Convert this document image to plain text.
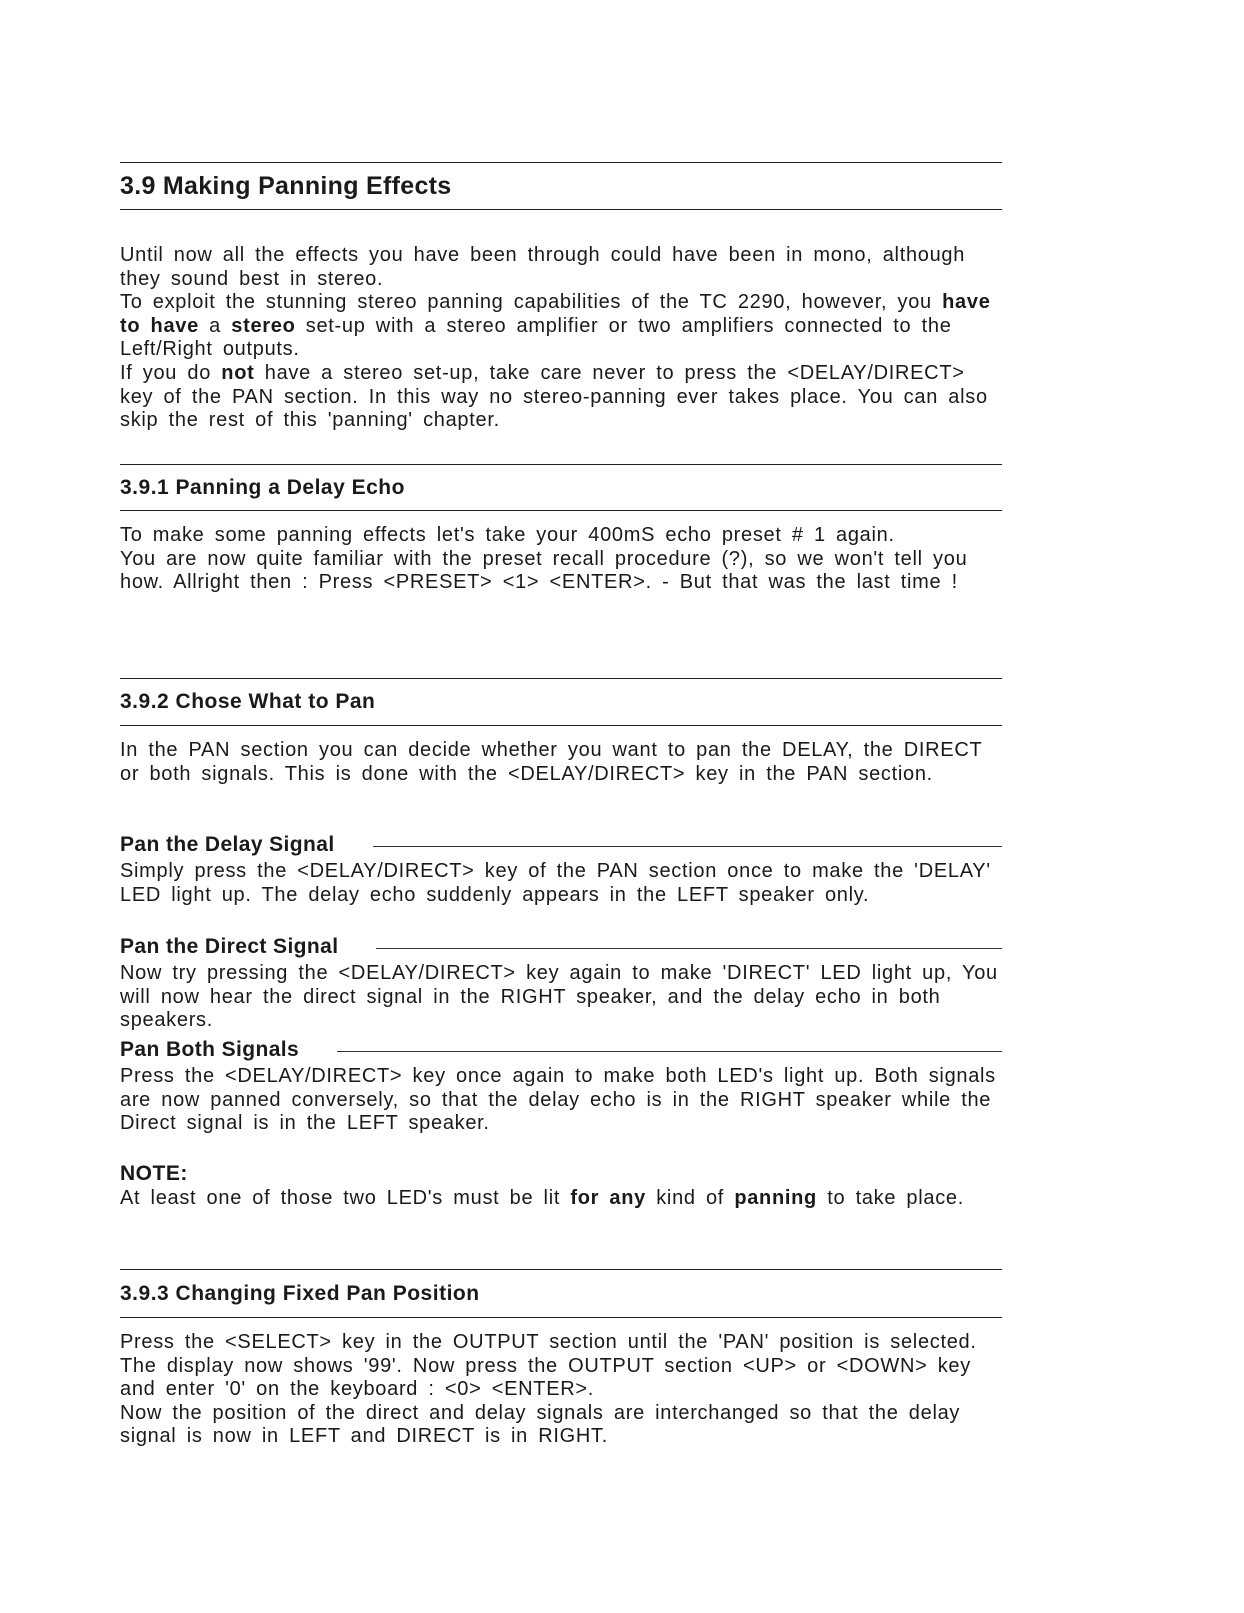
3.9 Making Panning Effects

Until now all the effects you have been through could have been in mono, although they sound best in stereo.

To exploit the stunning stereo panning capabilities of the TC 2290, however, you have to have a stereo set-up with a stereo amplifier or two amplifiers connected to the Left/Right outputs.

If you do not have a stereo set-up, take care never to press the <DELAY/DIRECT> key of the PAN section. In this way no stereo-panning ever takes place. You can also skip the rest of this 'panning' chapter.

3.9.1 Panning a Delay Echo

To make some panning effects let's take your 400mS echo preset # 1 again.

You are now quite familiar with the preset recall procedure (?), so we won't tell you how. Allright then : Press <PRESET> <1> <ENTER>. - But that was the last time !

3.9.2 Chose What to Pan

In the PAN section you can decide whether you want to pan the DELAY, the DIRECT or both signals. This is done with the <DELAY/DIRECT> key in the PAN section.

Pan the Delay Signal

Simply press the <DELAY/DIRECT> key of the PAN section once to make the 'DELAY' LED light up. The delay echo suddenly appears in the LEFT speaker only.

Pan the Direct Signal

Now try pressing the <DELAY/DIRECT> key again to make 'DIRECT' LED light up, You will now hear the direct signal in the RIGHT speaker, and the delay echo in both speakers.

Pan Both Signals

Press the <DELAY/DIRECT> key once again to make both LED's light up. Both signals are now panned conversely, so that the delay echo is in the RIGHT speaker while the Direct signal is in the LEFT speaker.

NOTE:

At least one of those two LED's must be lit for any kind of panning to take place.

3.9.3 Changing Fixed Pan Position

Press the <SELECT> key in the OUTPUT section until the 'PAN' position is selected. The display now shows '99'. Now press the OUTPUT section <UP> or <DOWN> key and enter '0' on the keyboard : <0> <ENTER>.

Now the position of the direct and delay signals are interchanged so that the delay signal is now in LEFT and DIRECT is in RIGHT.
